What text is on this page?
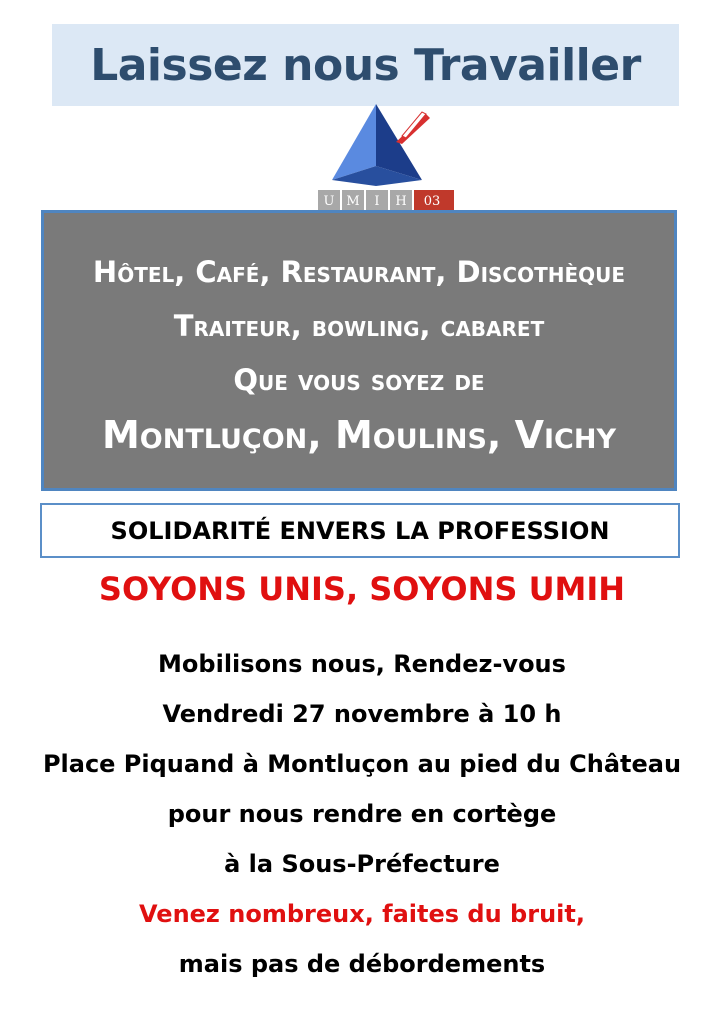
Laissez nous Travailler
U M I H 03
Hôtel, Café, Restaurant, Discothèque
Traiteur, bowling, cabaret
Que vous soyez de
Montluçon, Moulins, Vichy
SOLIDARITÉ ENVERS LA PROFESSION
SOYONS UNIS, SOYONS UMIH
Mobilisons nous, Rendez-vous
Vendredi 27 novembre à 10 h
Place Piquand à Montluçon au pied du Château
pour nous rendre en cortège
à la Sous-Préfecture
Venez nombreux, faites du bruit,
mais pas de débordements
